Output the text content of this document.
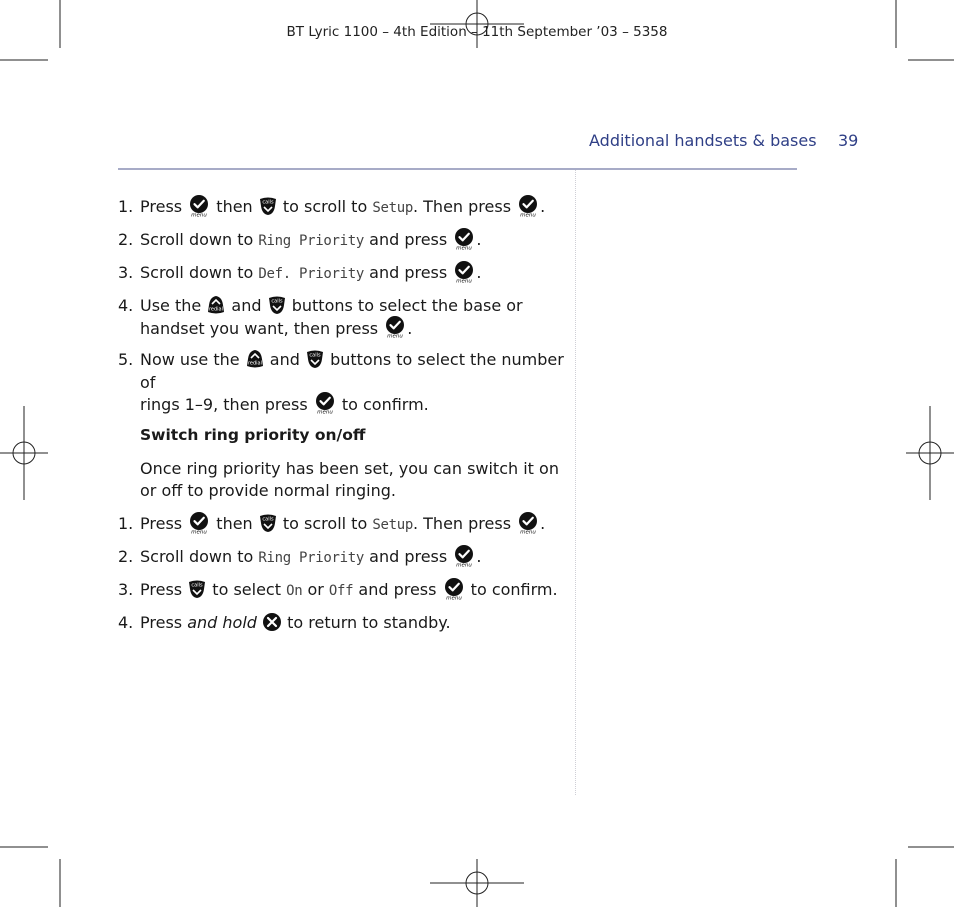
BT Lyric 1100 – 4th Edition – 11th September ’03 – 5358
Additional handsets & bases 39
1. Press menu then calls to scroll to Setup. Then press menu .
2. Scroll down to Ring Priority and press menu .
3. Scroll down to Def. Priority and press menu .
4. Use the redial and calls buttons to select the base or
handset you want, then press menu .
5. Now use the redial and calls buttons to select the number of
rings 1–9, then press menu to confirm.
Switch ring priority on/off
Once ring priority has been set, you can switch it on or off to provide normal ringing.
1. Press menu then calls to scroll to Setup. Then press menu .
2. Scroll down to Ring Priority and press menu .
3. Press calls to select On or Off and press menu to confirm.
4. Press and hold to return to standby.
